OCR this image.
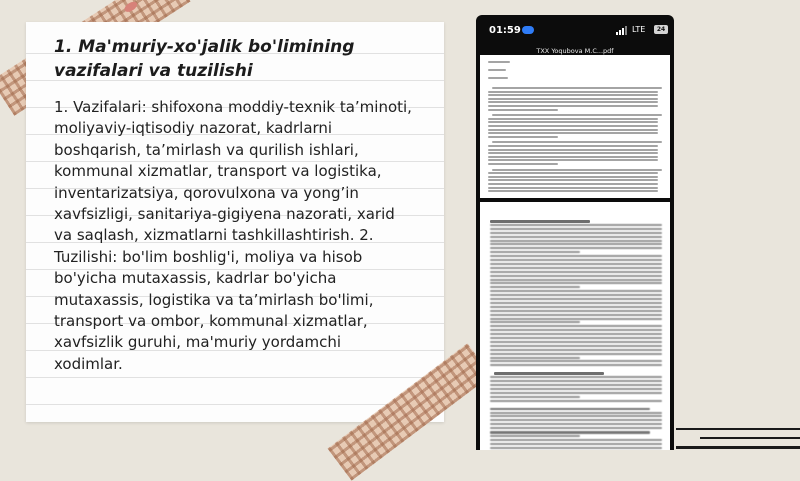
1. Ma'muriy-xo'jalik bo'limining vazifalari va tuzilishi

1. Vazifalari: shifoxona moddiy-texnik ta’minoti, moliyaviy-iqtisodiy nazorat, kadrlarni boshqarish, ta’mirlash va qurilish ishlari, kommunal xizmatlar, transport va logistika, inventarizatsiya, qorovulxona va yong’in xavfsizligi, sanitariya-gigiyena nazorati, xarid va saqlash, xizmatlarni tashkillashtirish. 2. Tuzilishi: bo'lim boshlig'i, moliya va hisob bo'yicha mutaxassis, kadrlar bo'yicha mutaxassis, logistika va ta’mirlash bo'limi, transport va ombor, kommunal xizmatlar, xavfsizlik guruhi, ma'muriy yordamchi xodimlar.

01:59	LTE	24
TXX Yoqubova M.C...pdf
